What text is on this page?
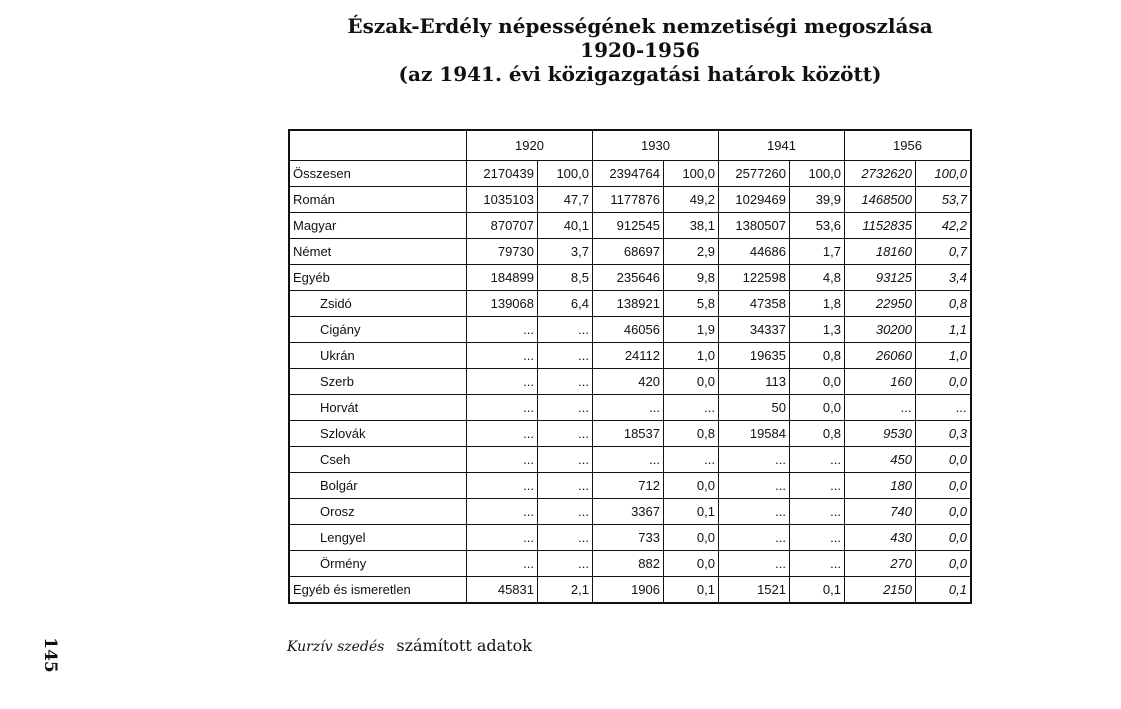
Észak-Erdély népességének nemzetiségi megoszlása
1920-1956
(az 1941. évi közigazgatási határok között)
	1920		1930		1941		1956	
Összesen	2170439	100,0	2394764	100,0	2577260	100,0	2732620	100,0
Román	1035103	47,7	1177876	49,2	1029469	39,9	1468500	53,7
Magyar	870707	40,1	912545	38,1	1380507	53,6	1152835	42,2
Német	79730	3,7	68697	2,9	44686	1,7	18160	0,7
Egyéb	184899	8,5	235646	9,8	122598	4,8	93125	3,4
Zsidó	139068	6,4	138921	5,8	47358	1,8	22950	0,8
Cigány	...	...	46056	1,9	34337	1,3	30200	1,1
Ukrán	...	...	24112	1,0	19635	0,8	26060	1,0
Szerb	...	...	420	0,0	113	0,0	160	0,0
Horvát	...	...	...	...	50	0,0	...	...
Szlovák	...	...	18537	0,8	19584	0,8	9530	0,3
Cseh	...	...	...	...	...	...	450	0,0
Bolgár	...	...	712	0,0	...	...	180	0,0
Orosz	...	...	3367	0,1	...	...	740	0,0
Lengyel	...	...	733	0,0	...	...	430	0,0
Örmény	...	...	882	0,0	...	...	270	0,0
Egyéb és ismeretlen	45831	2,1	1906	0,1	1521	0,1	2150	0,1
Kurzív szedés számított adatok
145
